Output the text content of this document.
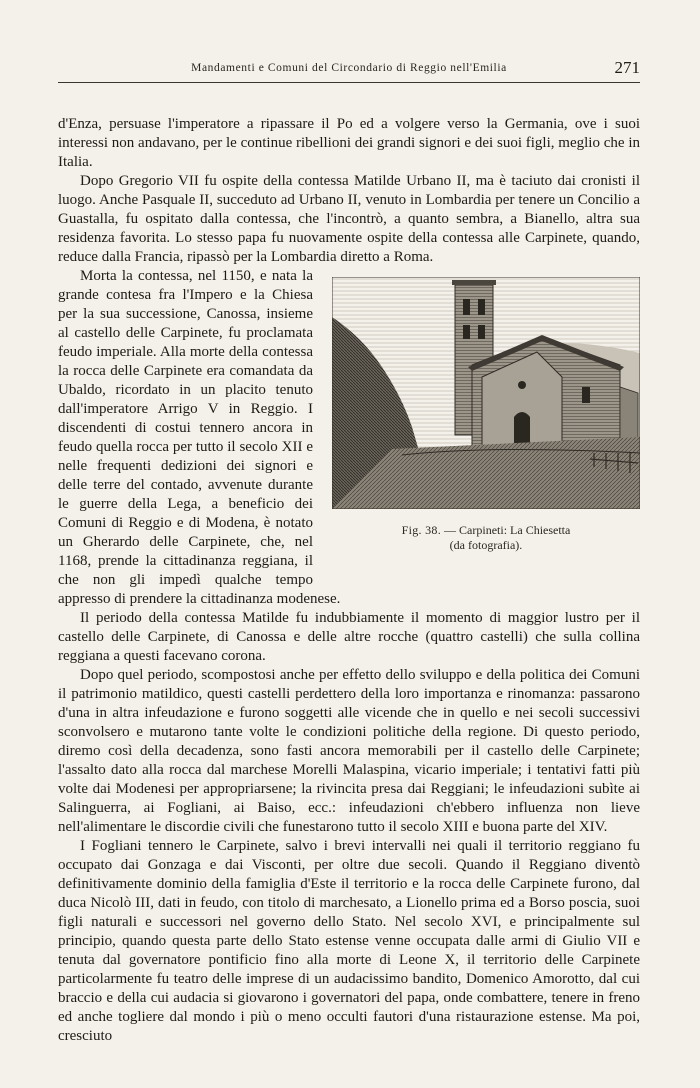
Mandamenti e Comuni del Circondario di Reggio nell'Emilia	271

d'Enza, persuase l'imperatore a ripassare il Po ed a volgere verso la Germania, ove i suoi interessi non andavano, per le continue ribellioni dei grandi signori e dei suoi figli, meglio che in Italia.

Dopo Gregorio VII fu ospite della contessa Matilde Urbano II, ma è taciuto dai cronisti il luogo. Anche Pasquale II, succeduto ad Urbano II, venuto in Lombardia per tenere un Concilio a Guastalla, fu ospitato dalla contessa, che l'incontrò, a quanto sembra, a Bianello, altra sua residenza favorita. Lo stesso papa fu nuovamente ospite della contessa alle Carpinete, quando, reduce dalla Francia, ripassò per la Lombardia diretto a Roma.

Fig. 38. — Carpineti: La Chiesetta
(da fotografia).

Morta la contessa, nel 1150, e nata la grande contesa fra l'Impero e la Chiesa per la sua successione, Canossa, insieme al castello delle Carpinete, fu proclamata feudo imperiale. Alla morte della contessa la rocca delle Carpinete era comandata da Ubaldo, ricordato in un placito tenuto dall'imperatore Arrigo V in Reggio. I discendenti di costui tennero ancora in feudo quella rocca per tutto il secolo XII e nelle frequenti dedizioni dei signori e delle terre del contado, avvenute durante le guerre della Lega, a beneficio dei Comuni di Reggio e di Modena, è notato un Gherardo delle Carpinete, che, nel 1168, prende la cittadinanza reggiana, il che non gli impedì qualche tempo appresso di prendere la cittadinanza modenese.

Il periodo della contessa Matilde fu indubbiamente il momento di maggior lustro per il castello delle Carpinete, di Canossa e delle altre rocche (quattro castelli) che sulla collina reggiana a questi facevano corona.

Dopo quel periodo, scompostosi anche per effetto dello sviluppo e della politica dei Comuni il patrimonio matildico, questi castelli perdettero della loro importanza e rinomanza: passarono d'una in altra infeudazione e furono soggetti alle vicende che in quello e nei secoli successivi sconvolsero e mutarono tante volte le condizioni politiche della regione. Di questo periodo, diremo così della decadenza, sono fasti ancora memorabili per il castello delle Carpinete; l'assalto dato alla rocca dal marchese Morelli Malaspina, vicario imperiale; i tentativi fatti più volte dai Modenesi per appropriarsene; la rivincita presa dai Reggiani; le infeudazioni subìte ai Salinguerra, ai Fogliani, ai Baiso, ecc.: infeudazioni ch'ebbero influenza non lieve nell'alimentare le discordie civili che funestarono tutto il secolo XIII e buona parte del XIV.

I Fogliani tennero le Carpinete, salvo i brevi intervalli nei quali il territorio reggiano fu occupato dai Gonzaga e dai Visconti, per oltre due secoli. Quando il Reggiano diventò definitivamente dominio della famiglia d'Este il territorio e la rocca delle Carpinete furono, dal duca Nicolò III, dati in feudo, con titolo di marchesato, a Lionello prima ed a Borso poscia, suoi figli naturali e successori nel governo dello Stato. Nel secolo XVI, e principalmente sul principio, quando questa parte dello Stato estense venne occupata dalle armi di Giulio VII e tenuta dal governatore pontificio fino alla morte di Leone X, il territorio delle Carpinete particolarmente fu teatro delle imprese di un audacissimo bandito, Domenico Amorotto, dal cui braccio e della cui audacia si giovarono i governatori del papa, onde combattere, tenere in freno ed anche togliere dal mondo i più o meno occulti fautori d'una ristaurazione estense. Ma poi, cresciuto
